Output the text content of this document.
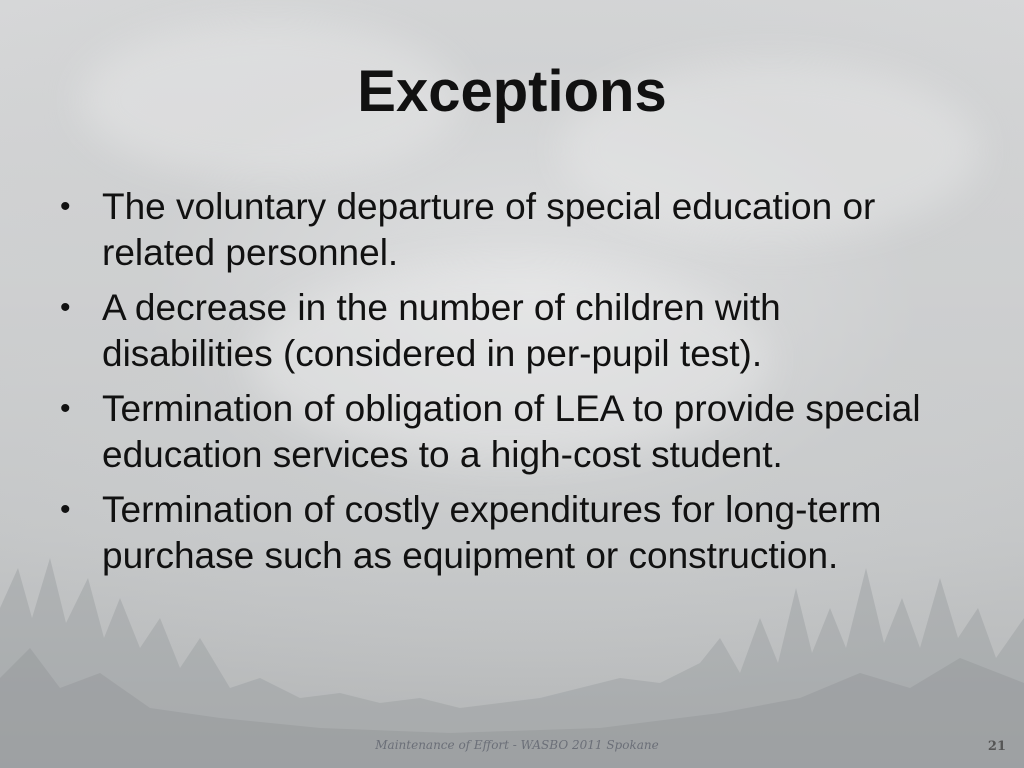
Exceptions
• The voluntary departure of special education or related personnel.
• A decrease in the number of children with disabilities (considered in per-pupil test).
• Termination of obligation of LEA to provide special education services to a high-cost student.
• Termination of costly expenditures for long-term purchase such as equipment or construction.
Maintenance of Effort - WASBO 2011 Spokane	21
